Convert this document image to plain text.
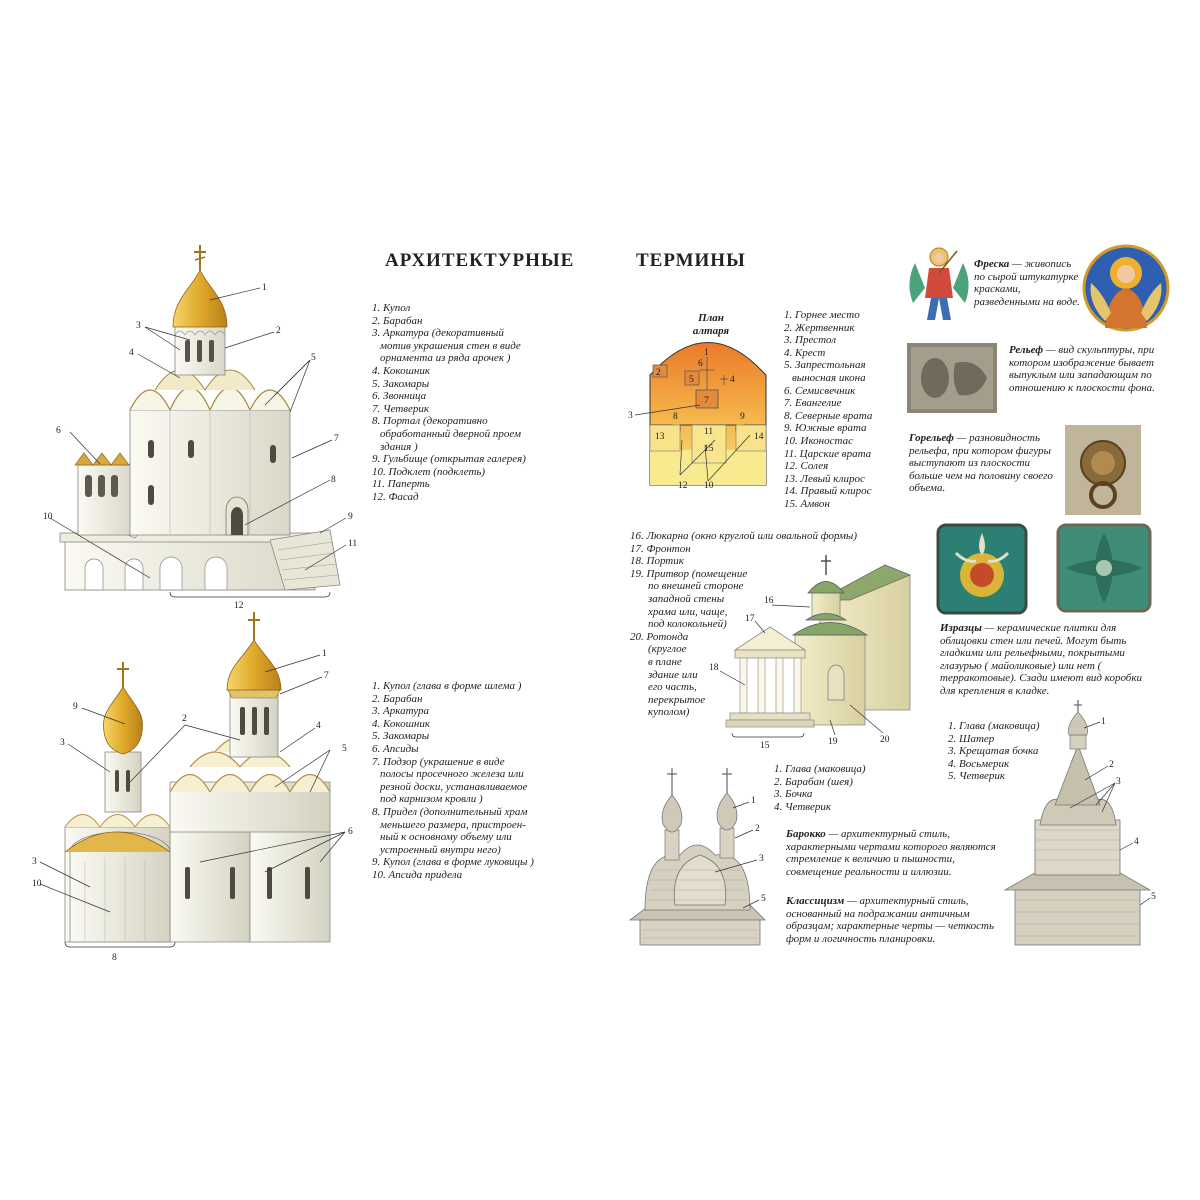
АРХИТЕКТУРНЫЕ	ТЕРМИНЫ
1
2
3
4	5
6
7
8
9
10
11
12
1. Купол
2. Барабан
3. Аркатура (декоративный
мотив украшения стен в виде
орнамента из ряда арочек )
4. Кокошник
5. Закомары
6. Звонница
7. Четверик
8. Портал (декоративно
обработанный дверной проем
здания )
9. Гульбище (открытая галерея)
10. Подклет (подклеть)
11. Паперть
12. Фасад
1
7
9
2
3
4
5
6
3
10
8
1. Купол (глава в форме шлема )
2. Барабан
3. Аркатура
4. Кокошник
5. Закомары
6. Апсиды
7. Подзор (украшение в виде
полосы просечного железа или
резной доски, устанавливаемое
под карнизом кровли )
8. Придел (дополнительный храм
меньшего размера, пристроен-
ный к основному объему или
устроенный внутри него)
9. Купол (глава в форме луковицы )
10. Апсида придела
План
алтаря
1
6
2
5	4
7
3	8	9
13	11	14
15
12 10
1. Горнее место
2. Жертвенник
3. Престол
4. Крест
5. Запрестольная
выносная икона
6. Семисвечник
7. Евангелие
8. Северные врата
9. Южные врата
10. Иконостас
11. Царские врата
12. Солея
13. Левый клирос
14. Правый клирос
15. Амвон
16. Люкарна (окно круглой или овальной формы)
17. Фронтон
18. Портик
19. Притвор (помещение
по внешней стороне
западной стены
храма или, чаще,
под колокольней)
20. Ротонда
(круглое
в плане
здание или
его часть,
перекрытое
куполом)
16
17
18
15	19	20
Фреска — живопись по сырой штукатурке красками, разведенными на воде.
Рельеф — вид скульптуры, при котором изображение бывает выпуклым или западающим по отношению к плоскости фона.
Горельеф — разновидность рельефа, при котором фигуры выступают из плоскости больше чем на половину своего объема.
Изразцы — керамические плитки для облицовки стен или печей. Могут быть гладкими или рельефными, покрытыми глазурью ( майоликовые) или нет ( терракотовые). Сзади имеют вид коробки для крепления в кладке.
1
2
3
5
1. Глава (маковица)
2. Барабан (шея)
3. Бочка
4. Четверик
Барокко — архитектурный стиль, характерными чертами которого являются стремление к величию и пышности, совмещение реальности и иллюзии.
Классицизм — архитектурный стиль, основанный на подражании античным образцам; характерные черты — четкость форм и логичность планировки.
1. Глава (маковица)
2. Шатер
3. Крещатая бочка
4. Восьмерик
5. Четверик
1
2
3
4
5
